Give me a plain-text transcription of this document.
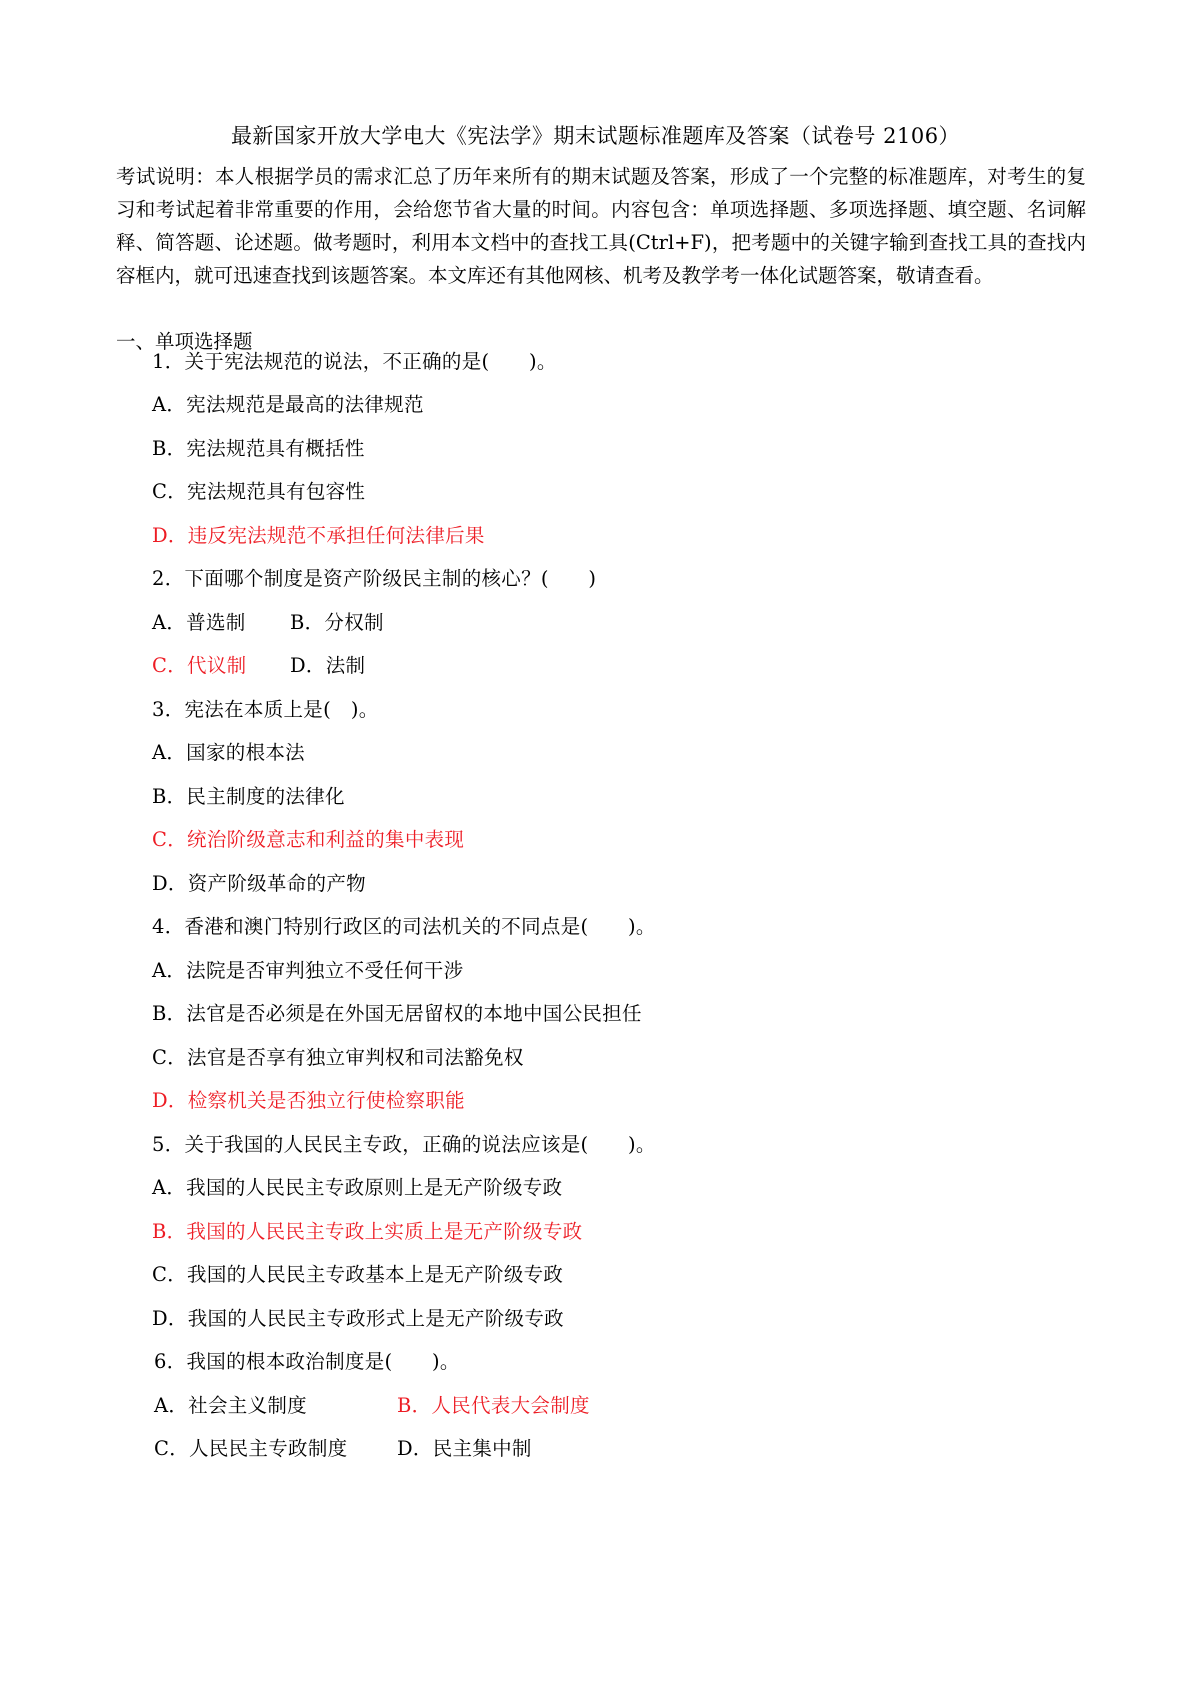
最新国家开放大学电大《宪法学》期末试题标准题库及答案（试卷号 2106）
考试说明：本人根据学员的需求汇总了历年来所有的期末试题及答案，形成了一个完整的标准题库，对考生的复习和考试起着非常重要的作用，会给您节省大量的时间。内容包含：单项选择题、多项选择题、填空题、名词解释、简答题、论述题。做考题时，利用本文档中的查找工具(Ctrl+F)，把考题中的关键字输到查找工具的查找内容框内，就可迅速查找到该题答案。本文库还有其他网核、机考及教学考一体化试题答案，敬请查看。
一、单项选择题
1．关于宪法规范的说法，不正确的是(　　)。
A．宪法规范是最高的法律规范
B．宪法规范具有概括性
C．宪法规范具有包容性
D．违反宪法规范不承担任何法律后果
2．下面哪个制度是资产阶级民主制的核心？(　　)
A．普选制 B．分权制
C．代议制 D．法制
3．宪法在本质上是(　)。
A．国家的根本法
B．民主制度的法律化
C．统治阶级意志和利益的集中表现
D．资产阶级革命的产物
4．香港和澳门特别行政区的司法机关的不同点是(　　)。
A．法院是否审判独立不受任何干涉
B．法官是否必须是在外国无居留权的本地中国公民担任
C．法官是否享有独立审判权和司法豁免权
D．检察机关是否独立行使检察职能
5．关于我国的人民民主专政，正确的说法应该是(　　)。
A．我国的人民民主专政原则上是无产阶级专政
B．我国的人民民主专政上实质上是无产阶级专政
C．我国的人民民主专政基本上是无产阶级专政
D．我国的人民民主专政形式上是无产阶级专政
6．我国的根本政治制度是(　　)。
A．社会主义制度	B．人民代表大会制度
C．人民民主专政制度	D．民主集中制
